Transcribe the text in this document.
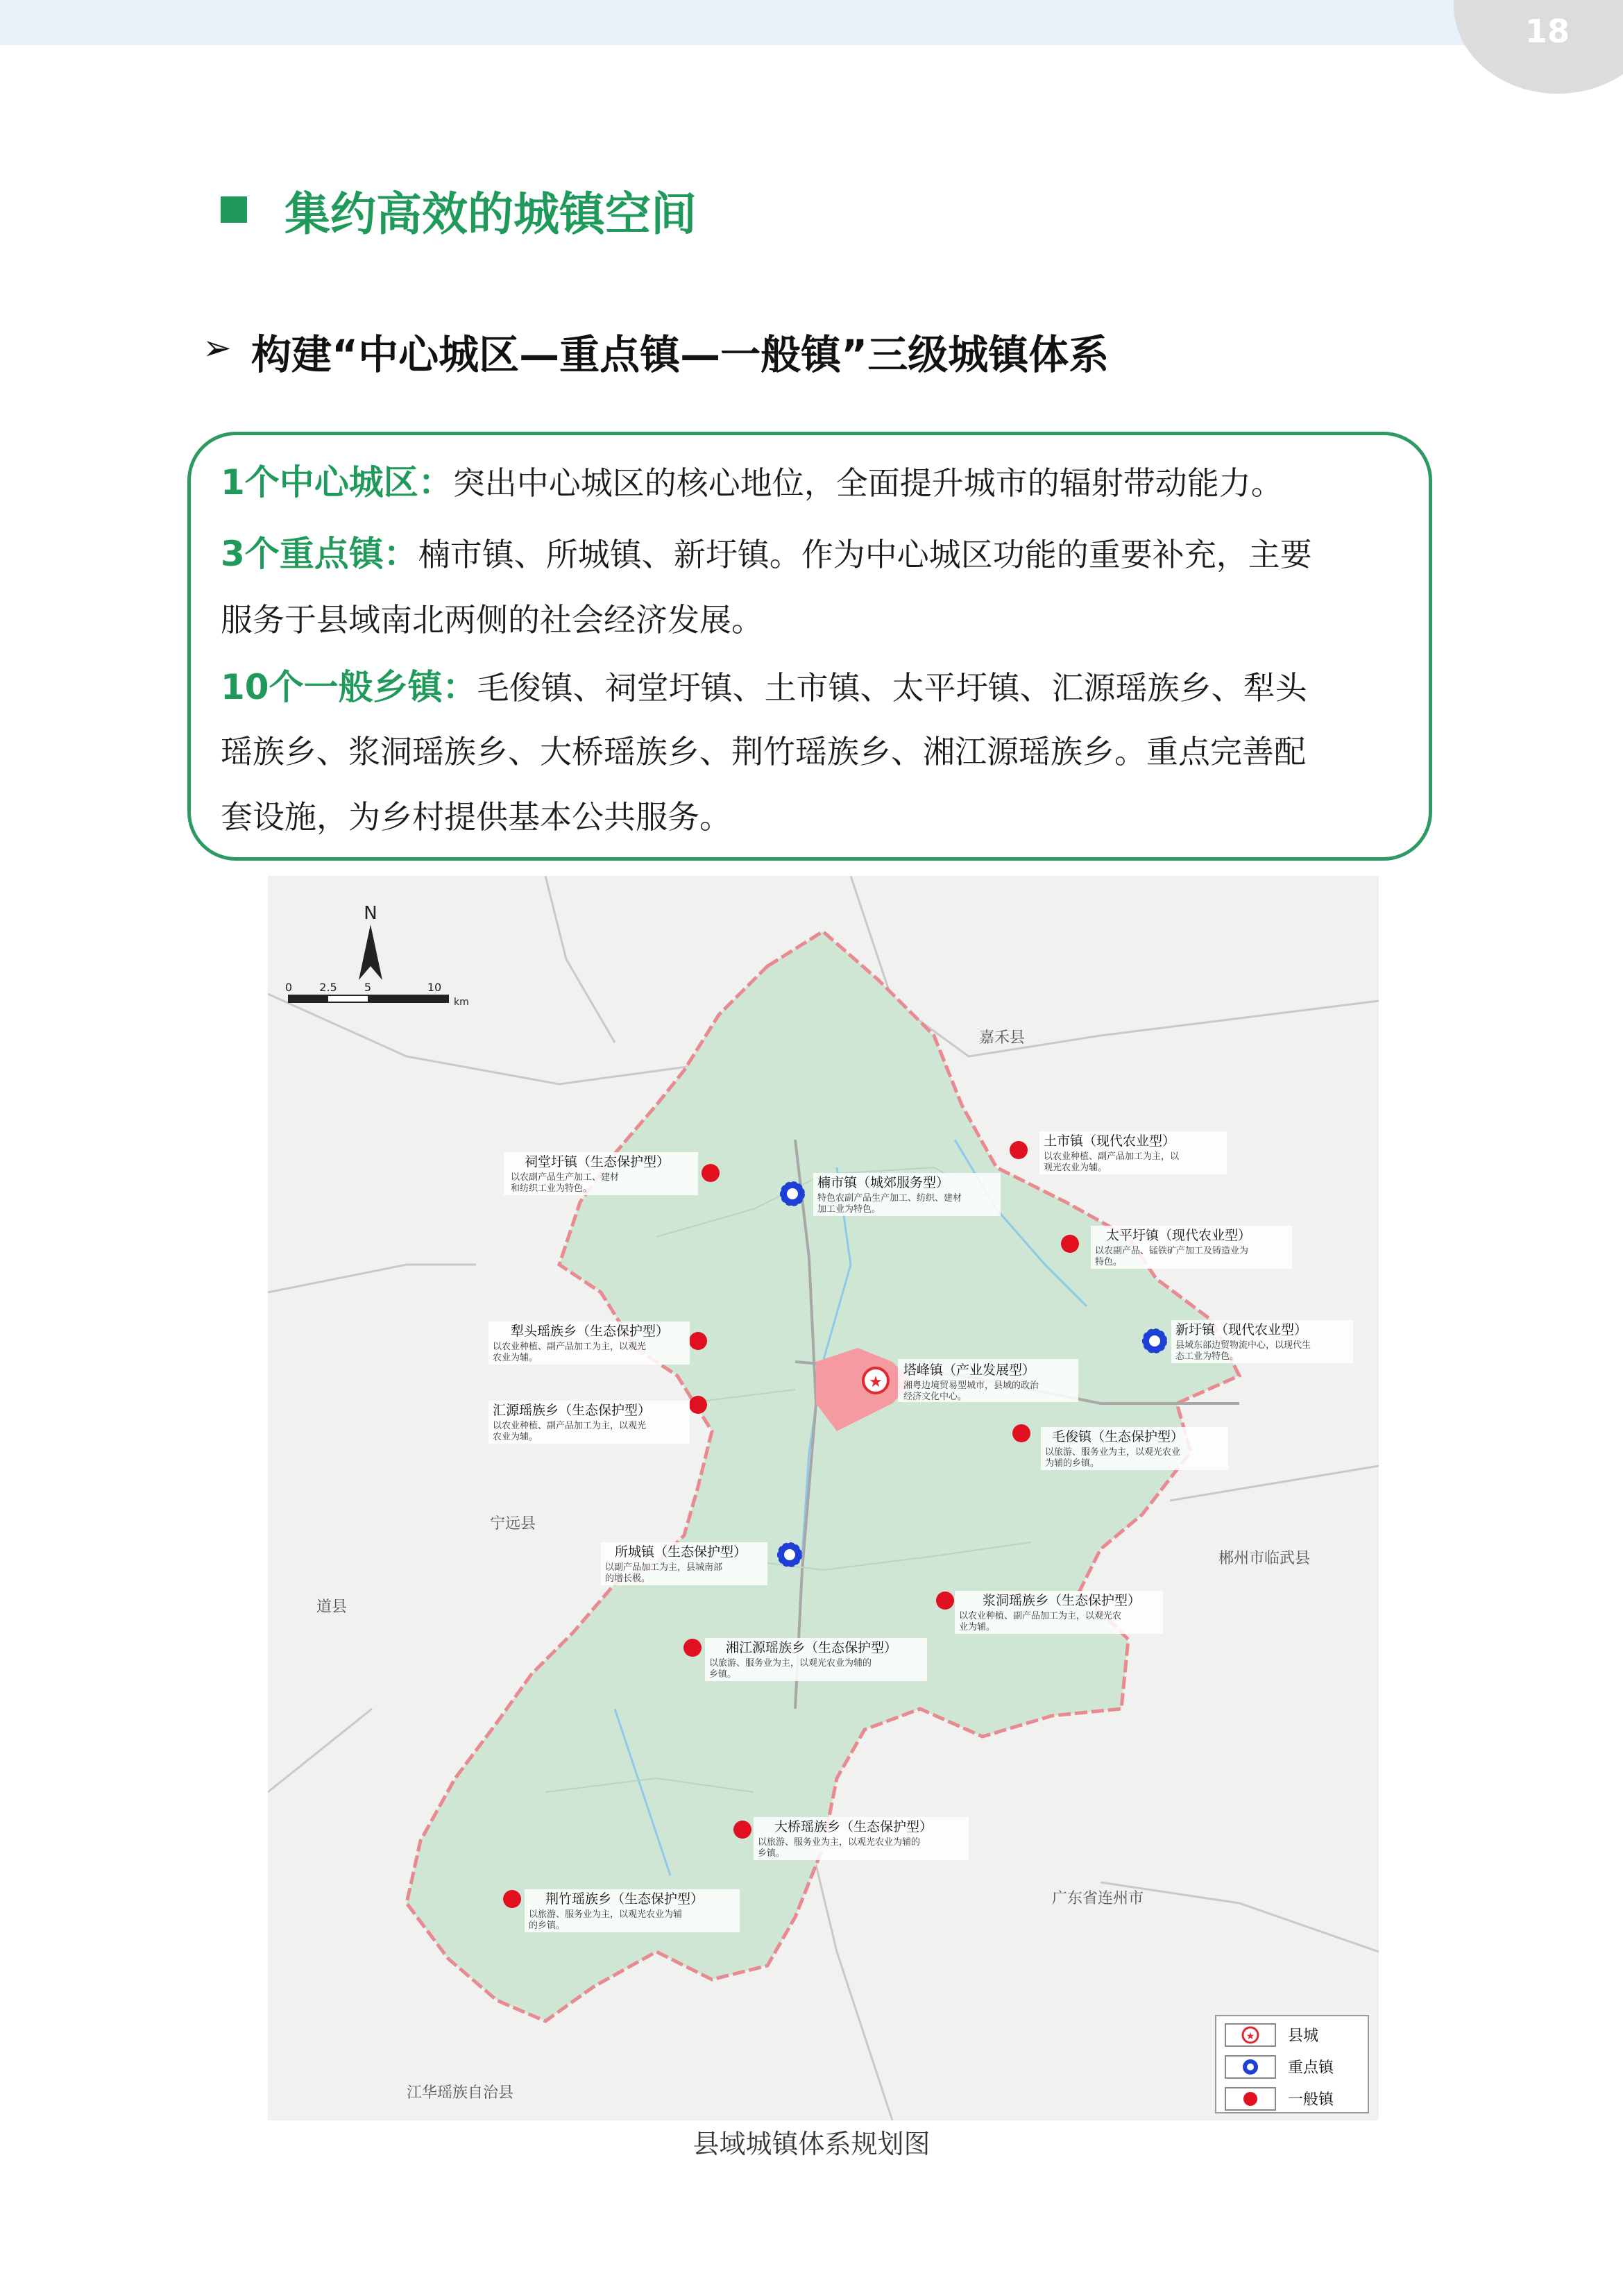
18
集约高效的城镇空间
➢ 构建“中心城区—重点镇—一般镇”三级城镇体系
1个中心城区：突出中心城区的核心地位，全面提升城市的辐射带动能力。
3个重点镇：楠市镇、所城镇、新圩镇。作为中心城区功能的重要补充，主要
服务于县域南北两侧的社会经济发展。
10个一般乡镇：毛俊镇、祠堂圩镇、土市镇、太平圩镇、汇源瑶族乡、犁头
瑶族乡、浆洞瑶族乡、大桥瑶族乡、荆竹瑶族乡、湘江源瑶族乡。重点完善配
套设施，为乡村提供基本公共服务。
N
0 2.5 5	10
km
嘉禾县
宁远县
道县
郴州市临武县
广东省连州市
江华瑶族自治县
★
塔峰镇（产业发展型）
湘粤边境贸易型城市，县域的政治
经济文化中心。
楠市镇（城郊服务型）
特色农副产品生产加工、纺织、建材
加工业为特色。
新圩镇（现代农业型）
县域东部边贸物流中心，以现代生
态工业为特色。
所城镇（生态保护型）
以副产品加工为主，县城南部
的增长极。
祠堂圩镇（生态保护型）
以农副产品生产加工、建材
和纺织工业为特色。
土市镇（现代农业型）
以农业种植、副产品加工为主，以
观光农业为辅。
太平圩镇（现代农业型）
以农副产品、锰铁矿产加工及铸造业为
特色。
犁头瑶族乡（生态保护型）
以农业种植、副产品加工为主，以观光
农业为辅。
汇源瑶族乡（生态保护型）
以农业种植、副产品加工为主，以观光
农业为辅。	毛俊镇（生态保护型）
以旅游、服务业为主，以观光农业
为辅的乡镇。
浆洞瑶族乡（生态保护型）
以农业种植、副产品加工为主，以观光农
业为辅。
湘江源瑶族乡（生态保护型）
以旅游、服务业为主，以观光农业为辅的
乡镇。
大桥瑶族乡（生态保护型）
以旅游、服务业为主，以观光农业为辅的
乡镇。
荆竹瑶族乡（生态保护型）
以旅游、服务业为主，以观光农业为辅
的乡镇。
★ 县城
重点镇
一般镇
县域城镇体系规划图
